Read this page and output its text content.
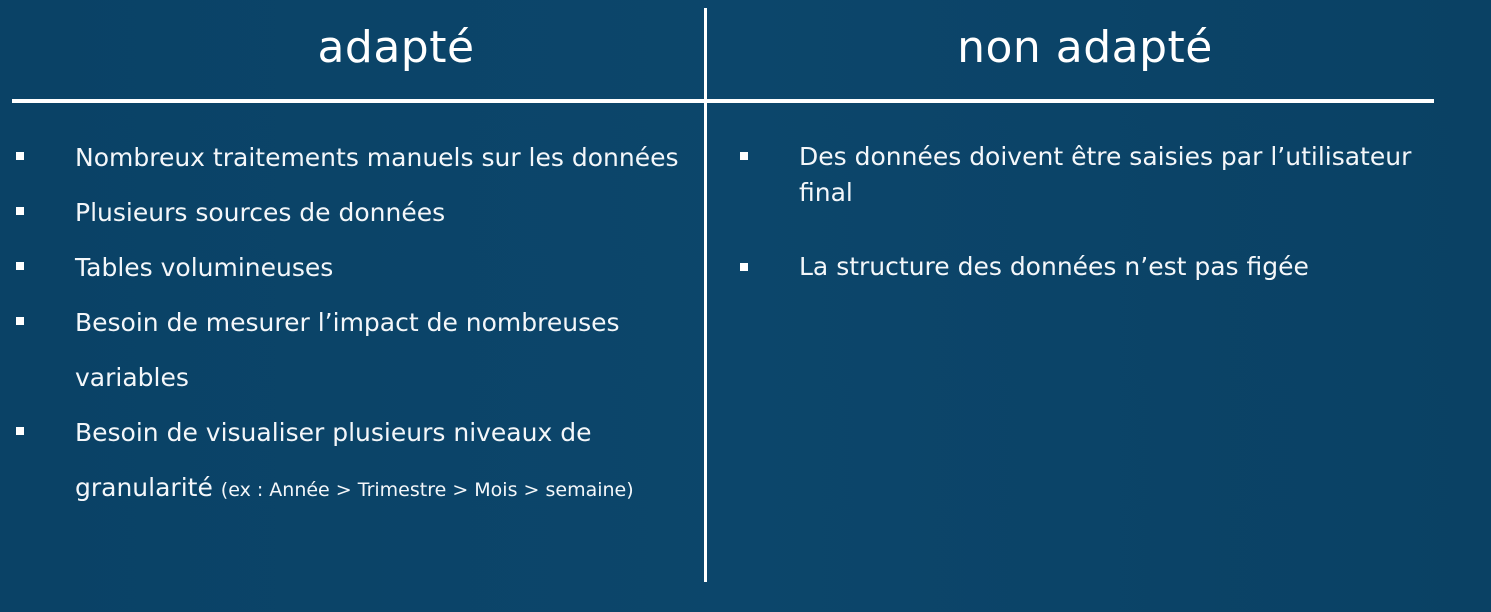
adapté	non adapté
Nombreux traitements manuels sur les données
Plusieurs sources de données
Tables volumineuses
Besoin de mesurer l’impact de nombreuses variables
Besoin de visualiser plusieurs niveaux de granularité (ex : Année > Trimestre > Mois > semaine)
Des données doivent être saisies par l’utilisateur final
La structure des données n’est pas figée
